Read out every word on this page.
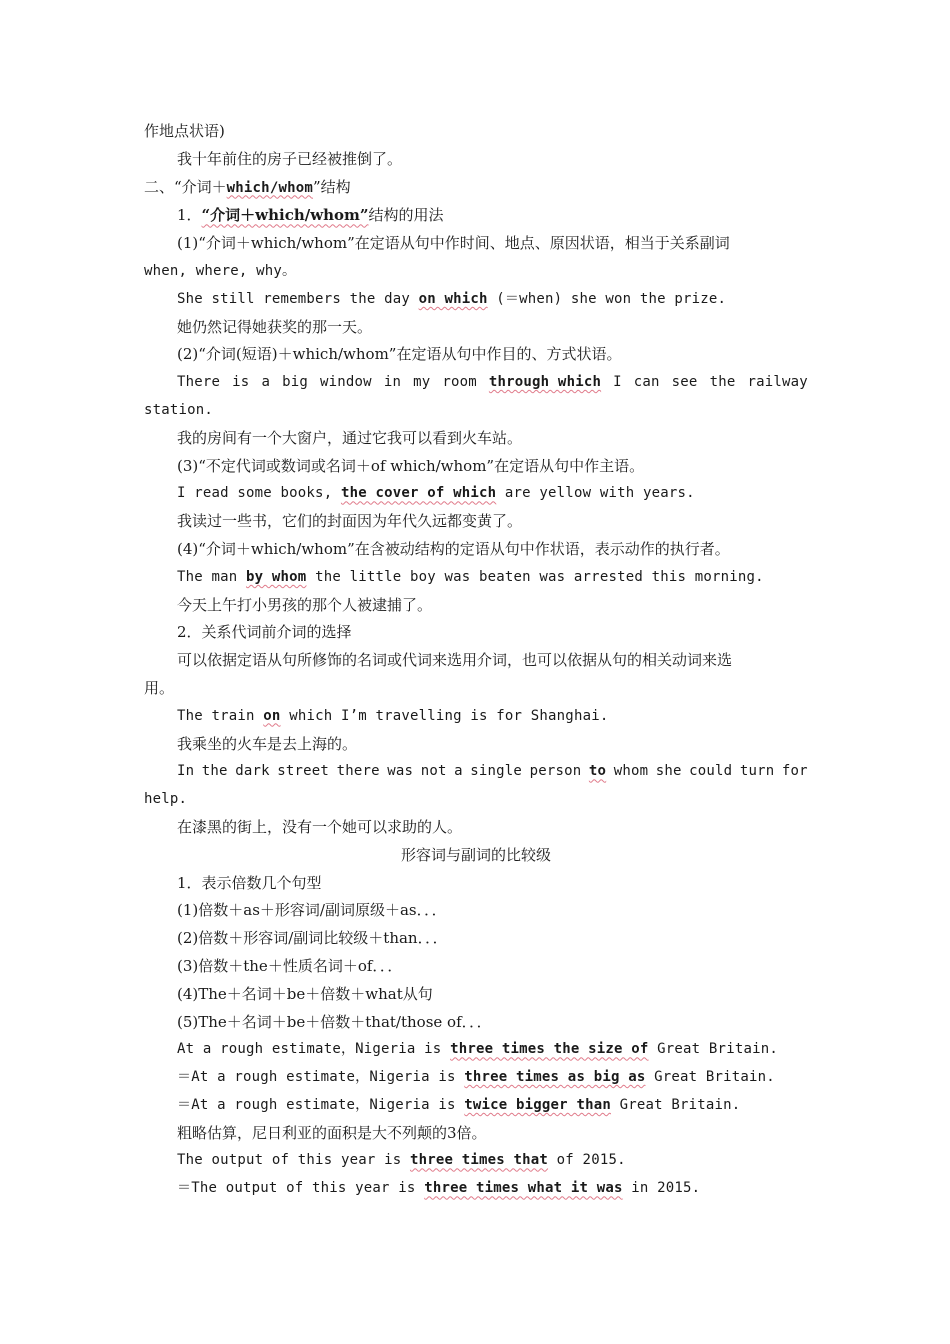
作地点状语)
我十年前住的房子已经被推倒了。
二、“介词＋which/whom”结构
1．“介词＋which/whom”结构的用法
(1)“介词＋which/whom”在定语从句中作时间、地点、原因状语，相当于关系副词
when, where, why。
She still remembers the day on which (＝when) she won the prize.
她仍然记得她获奖的那一天。
(2)“介词(短语)＋which/whom”在定语从句中作目的、方式状语。
There is a big window in my room through which I can see the railway
station.
我的房间有一个大窗户，通过它我可以看到火车站。
(3)“不定代词或数词或名词＋of which/whom”在定语从句中作主语。
I read some books, the cover of which are yellow with years.
我读过一些书，它们的封面因为年代久远都变黄了。
(4)“介词＋which/whom”在含被动结构的定语从句中作状语，表示动作的执行者。
The man by whom the little boy was beaten was arrested this morning.
今天上午打小男孩的那个人被逮捕了。
2．关系代词前介词的选择
可以依据定语从句所修饰的名词或代词来选用介词，也可以依据从句的相关动词来选
用。
The train on which I’m travelling is for Shanghai.
我乘坐的火车是去上海的。
In the dark street there was not a single person to whom she could turn for
help.
在漆黑的街上，没有一个她可以求助的人。
形容词与副词的比较级
1．表示倍数几个句型
(1)倍数＋as＋形容词/副词原级＋as．．．
(2)倍数＋形容词/副词比较级＋than．．．
(3)倍数＋the＋性质名词＋of．．．
(4)The＋名词＋be＋倍数＋what从句
(5)The＋名词＋be＋倍数＋that/those of．．．
At a rough estimate，Nigeria is three times the size of Great Britain.
＝At a rough estimate，Nigeria is three times as big as Great Britain.
＝At a rough estimate，Nigeria is twice bigger than Great Britain.
粗略估算，尼日利亚的面积是大不列颠的3倍。
The output of this year is three times that of 2015.
＝The output of this year is three times what it was in 2015.
